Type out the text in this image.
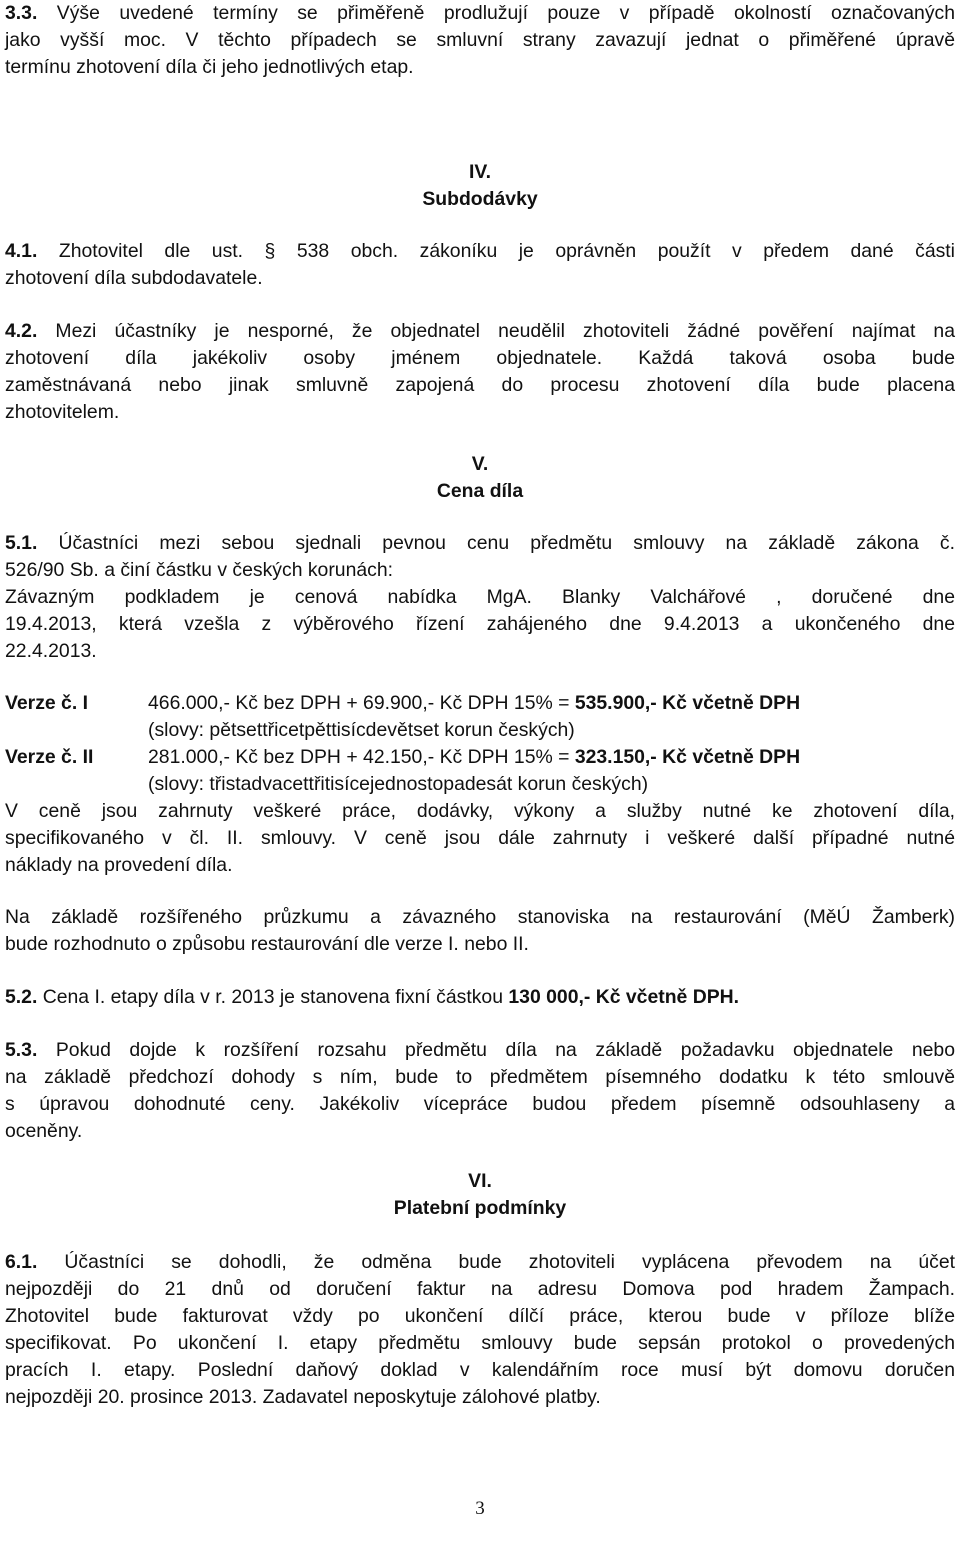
3.3. Výše uvedené termíny se přiměřeně prodlužují pouze v případě okolností označovaných
jako vyšší moc. V těchto případech se smluvní strany zavazují jednat o přiměřené úpravě
termínu zhotovení díla či jeho jednotlivých etap.
IV.
Subdodávky
4.1. Zhotovitel dle ust. § 538 obch. zákoníku je oprávněn použít v předem dané části
zhotovení díla subdodavatele.
4.2. Mezi účastníky je nesporné, že objednatel neudělil zhotoviteli žádné pověření najímat na
zhotovení díla jakékoliv osoby jménem objednatele. Každá taková osoba bude
zaměstnávaná nebo jinak smluvně zapojená do procesu zhotovení díla bude placena
zhotovitelem.
V.
Cena díla
5.1. Účastníci mezi sebou sjednali pevnou cenu předmětu smlouvy na základě zákona č.
526/90 Sb. a činí částku v českých korunách:
Závazným podkladem je cenová nabídka MgA. Blanky Valchářové , doručené dne
19.4.2013, která vzešla z výběrového řízení zahájeného dne 9.4.2013 a ukončeného dne
22.4.2013.
Verze č. I	466.000,- Kč bez DPH + 69.900,- Kč DPH 15% = 535.900,- Kč včetně DPH
(slovy: pětsettřicetpěttisícdevětset korun českých)
Verze č. II	281.000,- Kč bez DPH + 42.150,- Kč DPH 15% = 323.150,- Kč včetně DPH
(slovy: třistadvacettřitisícejednostopadesát korun českých)
V ceně jsou zahrnuty veškeré práce, dodávky, výkony a služby nutné ke zhotovení díla,
specifikovaného v čl. II. smlouvy. V ceně jsou dále zahrnuty i veškeré další případné nutné
náklady na provedení díla.
Na základě rozšířeného průzkumu a závazného stanoviska na restaurování (MěÚ Žamberk)
bude rozhodnuto o způsobu restaurování dle verze I. nebo II.
5.2. Cena I. etapy díla v r. 2013 je stanovena fixní částkou 130 000,- Kč včetně DPH.
5.3. Pokud dojde k rozšíření rozsahu předmětu díla na základě požadavku objednatele nebo
na základě předchozí dohody s ním, bude to předmětem písemného dodatku k této smlouvě
s úpravou dohodnuté ceny. Jakékoliv vícepráce budou předem písemně odsouhlaseny a
oceněny.
VI.
Platební podmínky
6.1. Účastníci se dohodli, že odměna bude zhotoviteli vyplácena převodem na účet
nejpozději do 21 dnů od doručení faktur na adresu Domova pod hradem Žampach.
Zhotovitel bude fakturovat vždy po ukončení dílčí práce, kterou bude v příloze blíže
specifikovat. Po ukončení I. etapy předmětu smlouvy bude sepsán protokol o provedených
pracích I. etapy. Poslední daňový doklad v kalendářním roce musí být domovu doručen
nejpozději 20. prosince 2013. Zadavatel neposkytuje zálohové platby.
3
